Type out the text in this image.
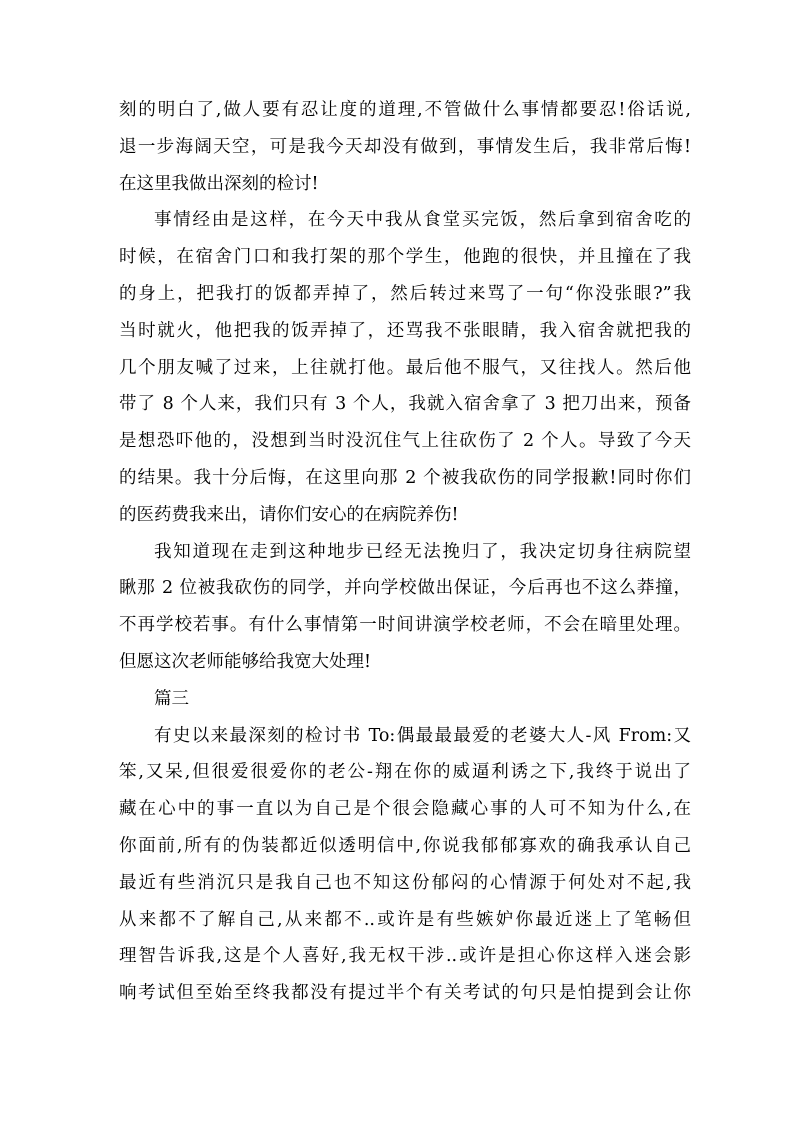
刻的明白了,做人要有忍让度的道理,不管做什么事情都要忍!俗话说,
退一步海阔天空，可是我今天却没有做到，事情发生后，我非常后悔!
在这里我做出深刻的检讨!
事情经由是这样，在今天中我从食堂买完饭，然后拿到宿舍吃的
时候，在宿舍门口和我打架的那个学生，他跑的很快，并且撞在了我
的身上，把我打的饭都弄掉了，然后转过来骂了一句“你没张眼?”我
当时就火，他把我的饭弄掉了，还骂我不张眼睛，我入宿舍就把我的
几个朋友喊了过来，上往就打他。最后他不服气，又往找人。然后他
带了 8 个人来，我们只有 3 个人，我就入宿舍拿了 3 把刀出来，预备
是想恐吓他的，没想到当时没沉住气上往砍伤了 2 个人。导致了今天
的结果。我十分后悔，在这里向那 2 个被我砍伤的同学报歉!同时你们
的医药费我来出，请你们安心的在病院养伤!
我知道现在走到这种地步已经无法挽归了，我决定切身往病院望
瞅那 2 位被我砍伤的同学，并向学校做出保证，今后再也不这么莽撞，
不再学校若事。有什么事情第一时间讲演学校老师，不会在暗里处理。
但愿这次老师能够给我宽大处理!
篇三
有史以来最深刻的检讨书 To:偶最最最爱的老婆大人-风 From:又
笨,又呆,但很爱很爱你的老公-翔在你的威逼利诱之下,我终于说出了
藏在心中的事一直以为自己是个很会隐藏心事的人可不知为什么,在
你面前,所有的伪装都近似透明信中,你说我郁郁寡欢的确我承认自己
最近有些消沉只是我自己也不知这份郁闷的心情源于何处对不起,我
从来都不了解自己,从来都不..或许是有些嫉妒你最近迷上了笔畅但
理智告诉我,这是个人喜好,我无权干涉..或许是担心你这样入迷会影
响考试但至始至终我都没有提过半个有关考试的句只是怕提到会让你
